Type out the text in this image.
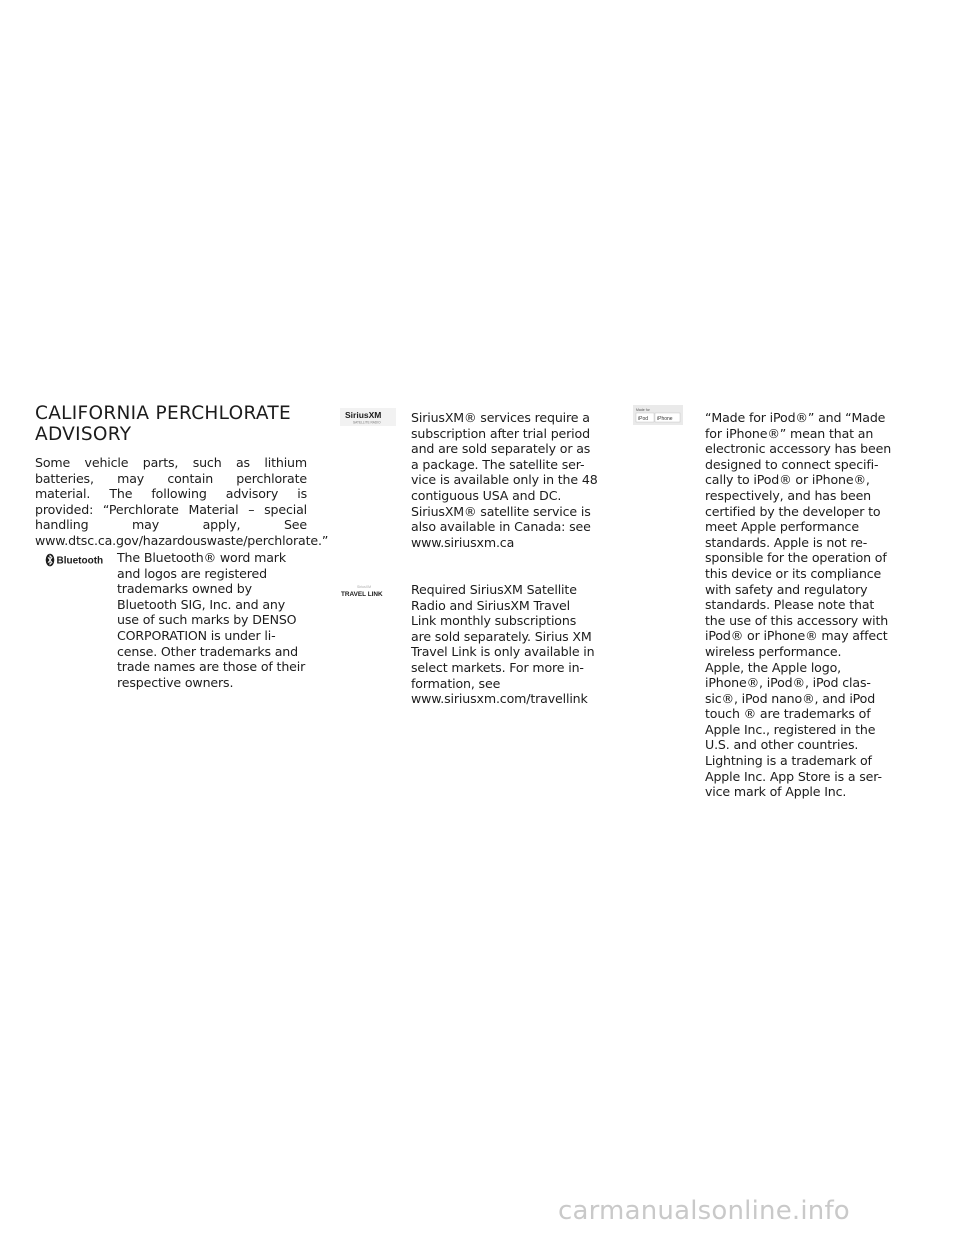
CALIFORNIA PERCHLORATE
ADVISORY

Some vehicle parts, such as lithium batteries, may contain perchlorate material. The following advisory is provided: “Perchlorate Material – special handling may apply, See www.dtsc.ca.gov/hazardouswaste/perchlorate.”

Bluetooth The Bluetooth® word mark
and logos are registered
trademarks owned by
Bluetooth SIG, Inc. and any
use of such marks by DENSO
CORPORATION is under li-
cense. Other trademarks and
trade names are those of their
respective owners.
SiriusXM
SATELLITE RADIO SiriusXM® services require a
subscription after trial period
and are sold separately or as
a package. The satellite ser-
vice is available only in the 48
contiguous USA and DC.
SiriusXM® satellite service is
also available in Canada: see
www.siriusxm.ca
SiriusXM
TRAVEL LINK Required SiriusXM Satellite
Radio and SiriusXM Travel
Link monthly subscriptions
are sold separately. Sirius XM
Travel Link is only available in
select markets. For more in-
formation, see
www.siriusxm.com/travellink
Made for
iPod iPhone	“Made for iPod®” and “Made
for iPhone®” mean that an
electronic accessory has been
designed to connect specifi-
cally to iPod® or iPhone®,
respectively, and has been
certified by the developer to
meet Apple performance
standards. Apple is not re-
sponsible for the operation of
this device or its compliance
with safety and regulatory
standards. Please note that
the use of this accessory with
iPod® or iPhone® may affect
wireless performance.
Apple, the Apple logo,
iPhone®, iPod®, iPod clas-
sic®, iPod nano®, and iPod
touch ® are trademarks of
Apple Inc., registered in the
U.S. and other countries.
Lightning is a trademark of
Apple Inc. App Store is a ser-
vice mark of Apple Inc.
carmanualsonline.info
